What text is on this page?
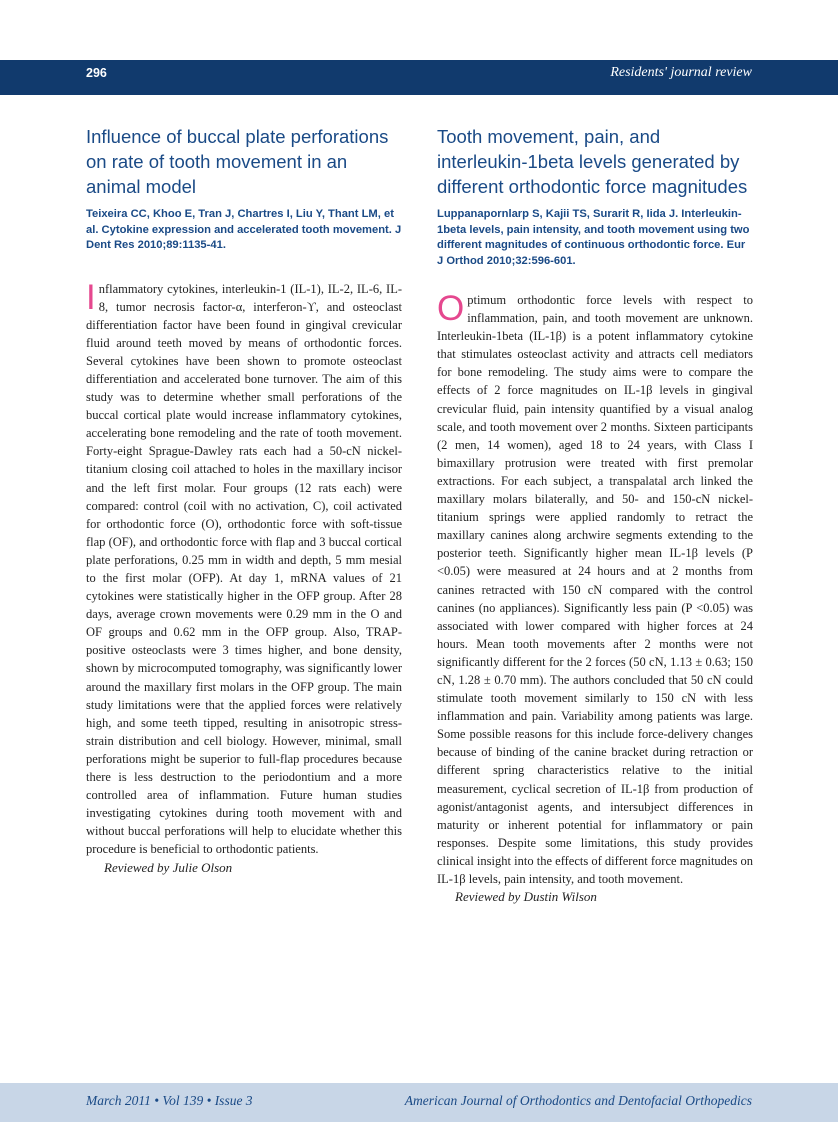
296	Residents' journal review
Influence of buccal plate perforations on rate of tooth movement in an animal model

Teixeira CC, Khoo E, Tran J, Chartres I, Liu Y, Thant LM, et al. Cytokine expression and accelerated tooth movement. J Dent Res 2010;89:1135-41.

Inflammatory cytokines, interleukin-1 (IL-1), IL-2, IL-6, IL-8, tumor necrosis factor-α, interferon-ϒ, and osteoclast differentiation factor have been found in gingival crevicular fluid around teeth moved by means of orthodontic forces. Several cytokines have been shown to promote osteoclast differentiation and accelerated bone turnover. The aim of this study was to determine whether small perforations of the buccal cortical plate would increase inflammatory cytokines, accelerating bone remodeling and the rate of tooth movement. Forty-eight Sprague-Dawley rats each had a 50-cN nickel-titanium closing coil attached to holes in the maxillary incisor and the left first molar. Four groups (12 rats each) were compared: control (coil with no activation, C), coil activated for orthodontic force (O), orthodontic force with soft-tissue flap (OF), and orthodontic force with flap and 3 buccal cortical plate perforations, 0.25 mm in width and depth, 5 mm mesial to the first molar (OFP). At day 1, mRNA values of 21 cytokines were statistically higher in the OFP group. After 28 days, average crown movements were 0.29 mm in the O and OF groups and 0.62 mm in the OFP group. Also, TRAP-positive osteoclasts were 3 times higher, and bone density, shown by microcomputed tomography, was significantly lower around the maxillary first molars in the OFP group. The main study limitations were that the applied forces were relatively high, and some teeth tipped, resulting in anisotropic stress-strain distribution and cell biology. However, minimal, small perforations might be superior to full-flap procedures because there is less destruction to the periodontium and a more controlled area of inflammation. Future human studies investigating cytokines during tooth movement with and without buccal perforations will help to elucidate whether this procedure is beneficial to orthodontic patients.

Reviewed by Julie Olson

Tooth movement, pain, and interleukin-1beta levels generated by different orthodontic force magnitudes

Luppanapornlarp S, Kajii TS, Surarit R, Iida J. Interleukin-1beta levels, pain intensity, and tooth movement using two different magnitudes of continuous orthodontic force. Eur J Orthod 2010;32:596-601.

Optimum orthodontic force levels with respect to inflammation, pain, and tooth movement are unknown. Interleukin-1beta (IL-1β) is a potent inflammatory cytokine that stimulates osteoclast activity and attracts cell mediators for bone remodeling. The study aims were to compare the effects of 2 force magnitudes on IL-1β levels in gingival crevicular fluid, pain intensity quantified by a visual analog scale, and tooth movement over 2 months. Sixteen participants (2 men, 14 women), aged 18 to 24 years, with Class I bimaxillary protrusion were treated with first premolar extractions. For each subject, a transpalatal arch linked the maxillary molars bilaterally, and 50- and 150-cN nickel-titanium springs were applied randomly to retract the maxillary canines along archwire segments extending to the posterior teeth. Significantly higher mean IL-1β levels (P <0.05) were measured at 24 hours and at 2 months from canines retracted with 150 cN compared with the control canines (no appliances). Significantly less pain (P <0.05) was associated with lower compared with higher forces at 24 hours. Mean tooth movements after 2 months were not significantly different for the 2 forces (50 cN, 1.13 ± 0.63; 150 cN, 1.28 ± 0.70 mm). The authors concluded that 50 cN could stimulate tooth movement similarly to 150 cN with less inflammation and pain. Variability among patients was large. Some possible reasons for this include force-delivery changes because of binding of the canine bracket during retraction or different spring characteristics relative to the initial measurement, cyclical secretion of IL-1β from production of agonist/antagonist agents, and intersubject differences in maturity or inherent potential for inflammatory or pain responses. Despite some limitations, this study provides clinical insight into the effects of different force magnitudes on IL-1β levels, pain intensity, and tooth movement.

Reviewed by Dustin Wilson

March 2011 • Vol 139 • Issue 3	American Journal of Orthodontics and Dentofacial Orthopedics
